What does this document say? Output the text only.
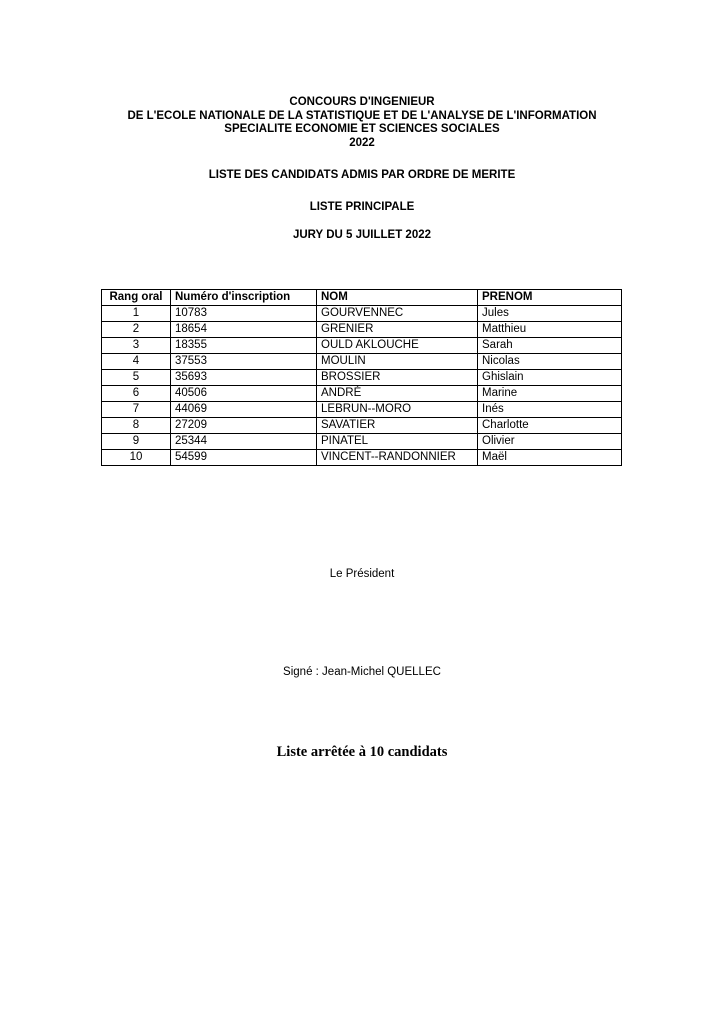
CONCOURS D'INGENIEUR
DE L'ECOLE NATIONALE DE LA STATISTIQUE ET DE L'ANALYSE DE L'INFORMATION
SPECIALITE ECONOMIE ET SCIENCES SOCIALES
2022
LISTE DES CANDIDATS ADMIS PAR ORDRE DE MERITE
LISTE PRINCIPALE
JURY DU 5 JUILLET 2022
Rang oral	Numéro d'inscription	NOM	PRENOM
1	10783	GOURVENNEC	Jules
2	18654	GRENIER	Matthieu
3	18355	OULD AKLOUCHE	Sarah
4	37553	MOULIN	Nicolas
5	35693	BROSSIER	Ghislain
6	40506	ANDRÉ	Marine
7	44069	LEBRUN--MORO	Inés
8	27209	SAVATIER	Charlotte
9	25344	PINATEL	Olivier
10	54599	VINCENT--RANDONNIER	Maël
Le Président
Signé : Jean-Michel QUELLEC
Liste arrêtée à 10 candidats
